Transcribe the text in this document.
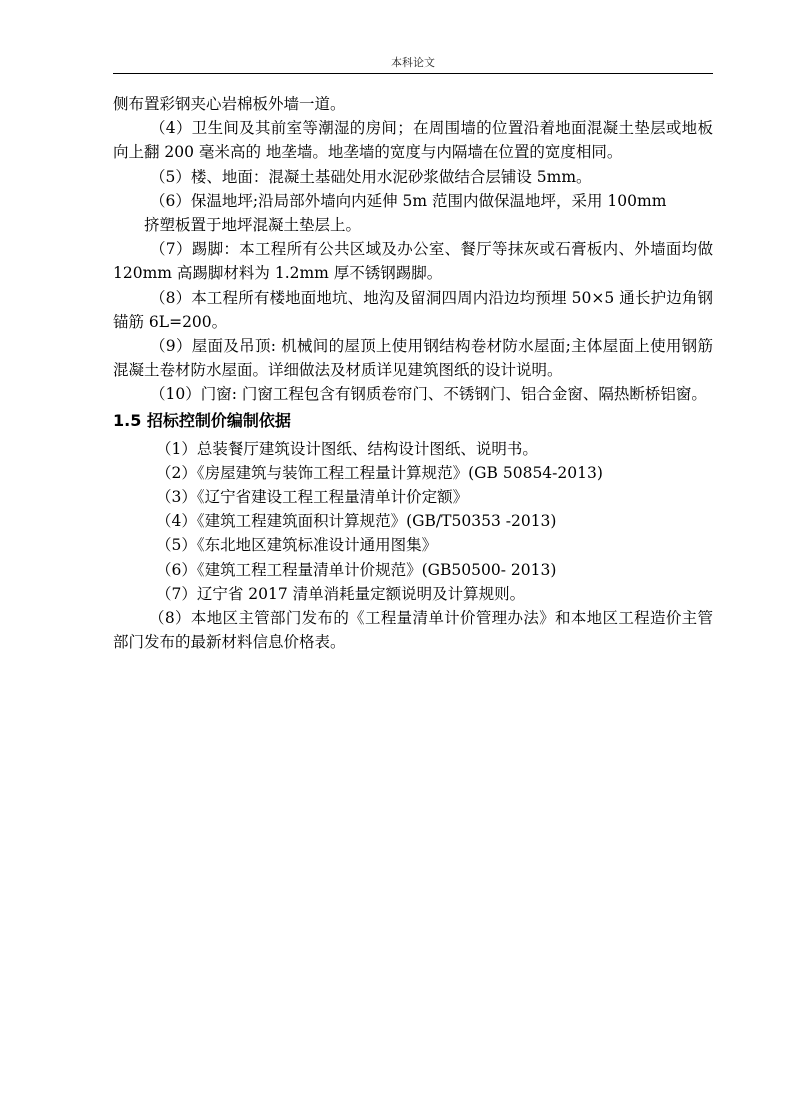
本科论文

侧布置彩钢夹心岩棉板外墙一道。

（4）卫生间及其前室等潮湿的房间；在周围墙的位置沿着地面混凝土垫层或地板向上翻 200 毫米高的 地垄墙。地垄墙的宽度与内隔墙在位置的宽度相同。

（5）楼、地面：混凝土基础处用水泥砂浆做结合层铺设 5mm。

（6）保温地坪;沿局部外墙向内延伸 5m 范围内做保温地坪，采用 100mm

挤塑板置于地坪混凝土垫层上。

（7）踢脚：本工程所有公共区域及办公室、餐厅等抹灰或石膏板内、外墙面均做 120mm 高踢脚材料为 1.2mm 厚不锈钢踢脚。

（8）本工程所有楼地面地坑、地沟及留洞四周内沿边均预埋 50×5 通长护边角钢锚筋 6L=200。

（9）屋面及吊顶: 机械间的屋顶上使用钢结构卷材防水屋面;主体屋面上使用钢筋混凝土卷材防水屋面。详细做法及材质详见建筑图纸的设计说明。

（10）门窗: 门窗工程包含有钢质卷帘门、不锈钢门、铝合金窗、隔热断桥铝窗。

1.5 招标控制价编制依据

（1）总装餐厅建筑设计图纸、结构设计图纸、说明书。

（2）《房屋建筑与装饰工程工程量计算规范》(GB 50854-2013)

（3）《辽宁省建设工程工程量清单计价定额》

（4）《建筑工程建筑面积计算规范》(GB/T50353 -2013)

（5）《东北地区建筑标准设计通用图集》

（6）《建筑工程工程量清单计价规范》(GB50500- 2013)

（7）辽宁省 2017 清单消耗量定额说明及计算规则。

（8）本地区主管部门发布的《工程量清单计价管理办法》和本地区工程造价主管部门发布的最新材料信息价格表。
